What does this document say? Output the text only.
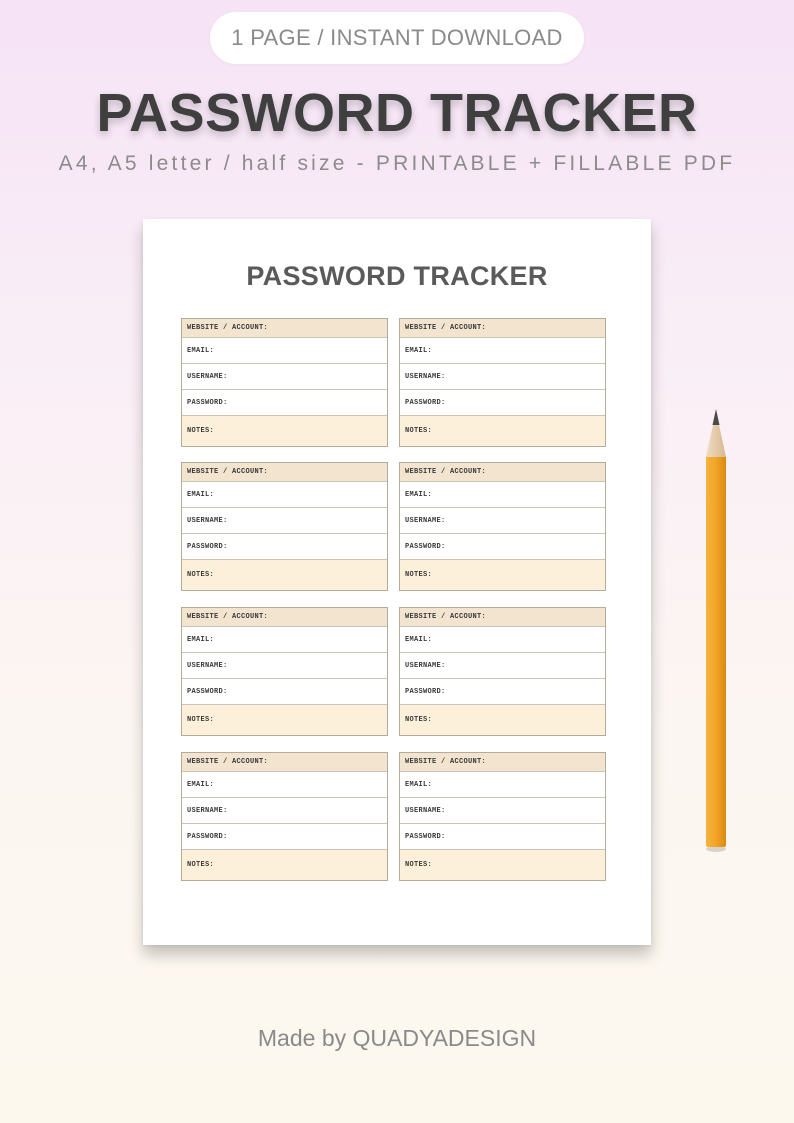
1 PAGE / INSTANT DOWNLOAD
PASSWORD TRACKER
A4, A5 letter / half size - PRINTABLE + FILLABLE PDF
PASSWORD TRACKER
WEBSITE / ACCOUNT:
EMAIL:
USERNAME:
PASSWORD:
NOTES:
WEBSITE / ACCOUNT:
EMAIL:
USERNAME:
PASSWORD:
NOTES:
WEBSITE / ACCOUNT:
EMAIL:
USERNAME:
PASSWORD:
NOTES:
WEBSITE / ACCOUNT:
EMAIL:
USERNAME:
PASSWORD:
NOTES:
WEBSITE / ACCOUNT:
EMAIL:
USERNAME:
PASSWORD:
NOTES:
WEBSITE / ACCOUNT:
EMAIL:
USERNAME:
PASSWORD:
NOTES:
WEBSITE / ACCOUNT:
EMAIL:
USERNAME:
PASSWORD:
NOTES:
WEBSITE / ACCOUNT:
EMAIL:
USERNAME:
PASSWORD:
NOTES:
Made by QUADYADESIGN
